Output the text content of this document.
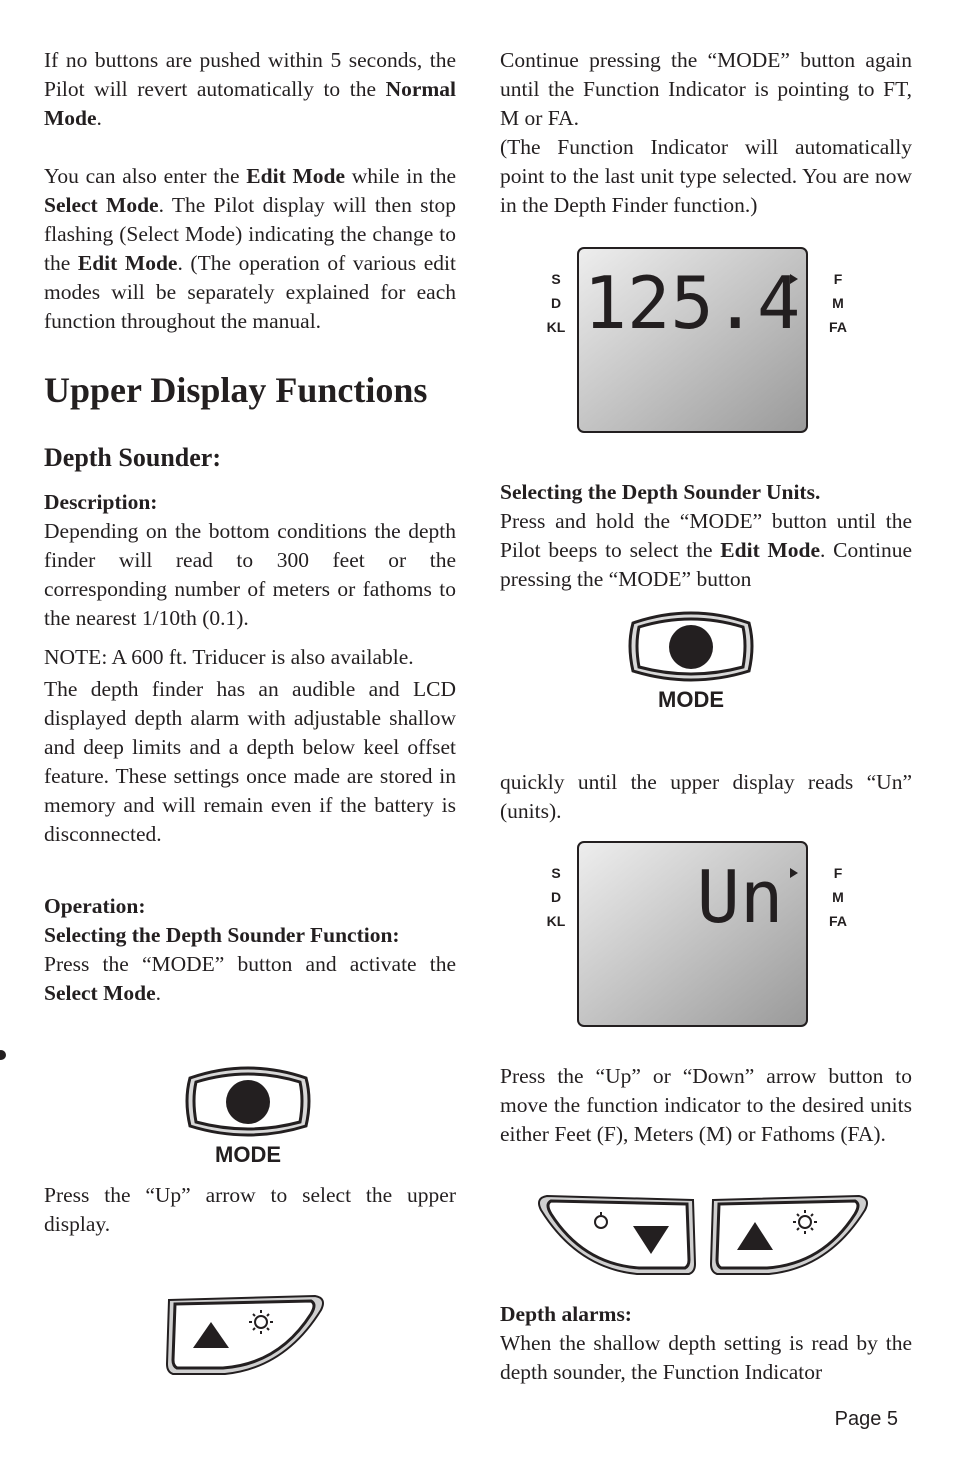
If no buttons are pushed within 5 seconds, the Pilot will revert automatically to the Normal Mode.

You can also enter the Edit Mode while in the Select Mode. The Pilot display will then stop flashing (Select Mode) indicating the change to the Edit Mode. (The operation of various edit modes will be separately explained for each function throughout the manual.

Upper Display Functions
Depth Sounder:
Description:

Depending on the bottom conditions the depth finder will read to 300 feet or the corresponding number of meters or fathoms to the nearest 1/10th (0.1).

NOTE: A 600 ft. Triducer is also available.

The depth finder has an audible and LCD displayed depth alarm with adjustable shallow and deep limits and a depth below keel offset feature. These settings once made are stored in memory and will remain even if the battery is disconnected.

Operation:
Selecting the Depth Sounder Function:

Press the “MODE” button and activate the Select Mode.

Press the “Up” arrow to select the upper display.

MODE

Continue pressing the “MODE” button again until the Function Indicator is pointing to FT, M or FA.

(The Function Indicator will automatically point to the last unit type selected. You are now in the Depth Finder function.)

Selecting the Depth Sounder Units.

Press and hold the “MODE” button until the Pilot beeps to select the Edit Mode. Continue pressing the “MODE” button

quickly until the upper display reads “Un” (units).

Press the “Up” or “Down” arrow button to move the function indicator to the desired units either Feet (F), Meters (M) or Fathoms (FA).

Depth alarms:

When the shallow depth setting is read by the depth sounder, the Function Indicator

S
D
KL
F
M
FA
125.4
MODE
S
D
KL
F
M
FA
Un
Page 5
